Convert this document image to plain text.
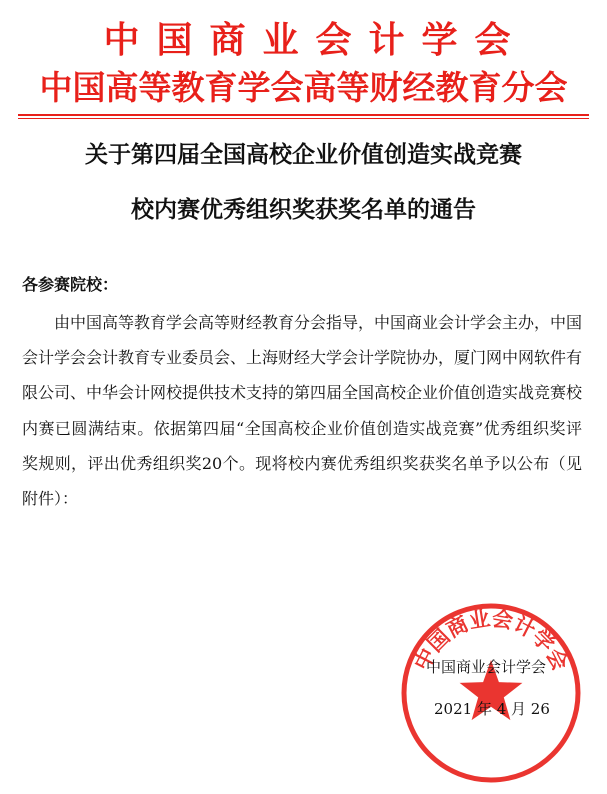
中国商业会计学会
中国高等教育学会高等财经教育分会
关于第四届全国高校企业价值创造实战竞赛
校内赛优秀组织奖获奖名单的通告
各参赛院校：

由中国高等教育学会高等财经教育分会指导，中国商业会计学会主办，中国会计学会会计教育专业委员会、上海财经大学会计学院协办，厦门网中网软件有限公司、中华会计网校提供技术支持的第四届全国高校企业价值创造实战竞赛校内赛已圆满结束。依据第四届“全国高校企业价值创造实战竞赛”优秀组织奖评奖规则，评出优秀组织奖20个。现将校内赛优秀组织奖获奖名单予以公布（见附件）：

中国商业会计学会
中国商业会计学会
2021 年 4 月 26
